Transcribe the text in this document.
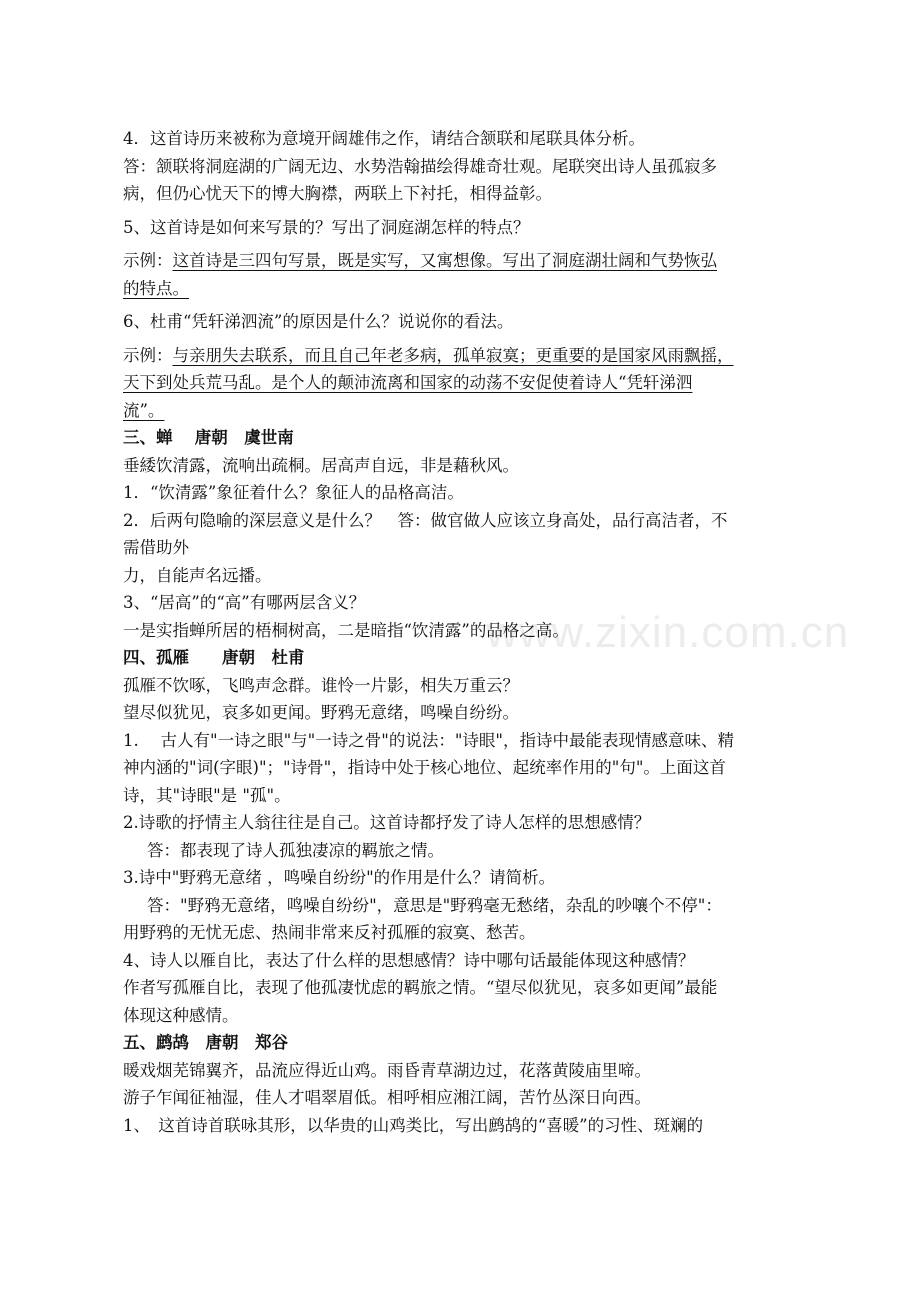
www.zixin.com.cn
4．这首诗历来被称为意境开阔雄伟之作，请结合颔联和尾联具体分析。
答：颔联将洞庭湖的广阔无边、水势浩翰描绘得雄奇壮观。尾联突出诗人虽孤寂多
病，但仍心忧天下的博大胸襟，两联上下衬托，相得益彰。
5、这首诗是如何来写景的？写出了洞庭湖怎样的特点？
示例：这首诗是三四句写景，既是实写，又寓想像。写出了洞庭湖壮阔和气势恢弘
的特点。
6、杜甫“凭轩涕泗流”的原因是什么？说说你的看法。
示例：与亲朋失去联系，而且自己年老多病，孤单寂寞；更重要的是国家风雨飘摇，
天下到处兵荒马乱。是个人的颠沛流离和国家的动荡不安促使着诗人“凭轩涕泗
流”。
三、蝉　 唐朝　虞世南
垂緌饮清露，流响出疏桐。居高声自远，非是藉秋风。
1．“饮清露”象征着什么？象征人的品格高洁。
2．后两句隐喻的深层意义是什么？　答：做官做人应该立身高处，品行高洁者，不
需借助外
力，自能声名远播。
3、“居高”的“高”有哪两层含义？
一是实指蝉所居的梧桐树高，二是暗指“饮清露”的品格之高。
四、孤雁　　唐朝　杜甫
孤雁不饮啄，飞鸣声念群。谁怜一片影，相失万重云？
望尽似犹见，哀多如更闻。野鸦无意绪，鸣噪自纷纷。
1.　 古人有"一诗之眼"与"一诗之骨"的说法："诗眼"，指诗中最能表现情感意味、精
神内涵的"词(字眼)"；"诗骨"，指诗中处于核心地位、起统率作用的"句"。上面这首
诗，其"诗眼"是 "孤"。
2.诗歌的抒情主人翁往往是自己。这首诗都抒发了诗人怎样的思想感情？
答：都表现了诗人孤独凄凉的羁旅之情。
3.诗中"野鸦无意绪 ，鸣噪自纷纷"的作用是什么？请简析。
答："野鸦无意绪，鸣噪自纷纷"，意思是"野鸦毫无愁绪，杂乱的吵嚷个不停"：
用野鸦的无忧无虑、热闹非常来反衬孤雁的寂寞、愁苦。
4、诗人以雁自比，表达了什么样的思想感情？诗中哪句话最能体现这种感情？
作者写孤雁自比，表现了他孤凄忧虑的羁旅之情。“望尽似犹见，哀多如更闻”最能
体现这种感情。
五、鹧鸪　唐朝　郑谷
暖戏烟芜锦翼齐，品流应得近山鸡。雨昏青草湖边过，花落黄陵庙里啼。
游子乍闻征袖湿，佳人才唱翠眉低。相呼相应湘江阔，苦竹丛深日向西。
1、　这首诗首联咏其形，以华贵的山鸡类比，写出鹧鸪的“喜暖”的习性、斑斓的
